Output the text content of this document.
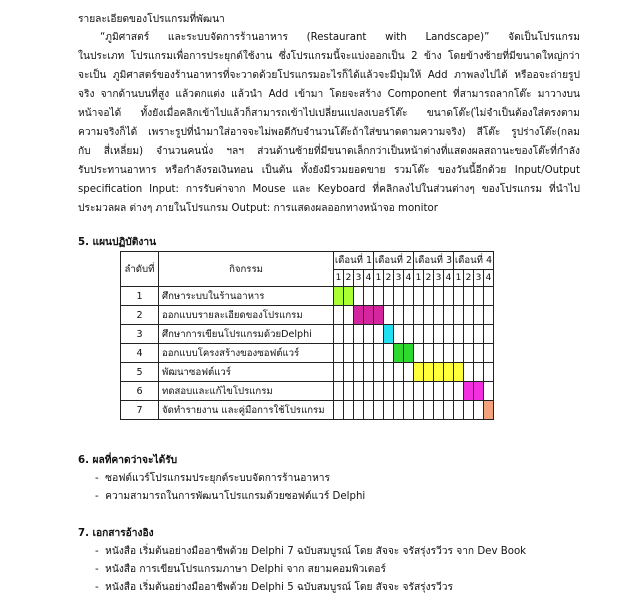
รายละเอียดของโปรแกรมที่พัฒนา
“ภูมิศาสตร์ และระบบจัดการร้านอาหาร (Restaurant with Landscape)” จัดเป็นโปรแกรม
ในประเภท โปรแกรมเพื่อการประยุกต์ใช้งาน ซึ่งโปรแกรมนี้จะแบ่งออกเป็น 2 ข้าง โดยข้างซ้ายที่มีขนาดใหญ่กว่า
จะเป็น ภูมิศาสตร์ของร้านอาหารที่จะวาดด้วยโปรแกรมอะไรก็ได้แล้วจะมีปุ่มให้ Add ภาพลงไปได้ หรืออจะถ่ายรูป
จริง จากด้านบนที่สูง แล้วตกแต่ง แล้วนำ Add เข้ามา โดยจะสร้าง Component ที่สามารถลากโต๊ะ มาวางบน
หน้าจอได้ ทั้งยังเมื่อคลิกเข้าไปแล้วก็สามารถเข้าไปเปลี่ยนแปลงเบอร์โต๊ะ ขนาดโต๊ะ(ไม่จำเป็นต้องใส่ตรงตาม
ความจริงก็ได้ เพราะรูปที่นำมาใส่อาจจะไม่พอดีกับจำนวนโต๊ะถ้าใส่ขนาดตามความจริง) สีโต๊ะ รูปร่างโต๊ะ(กลม
กับ สี่เหลี่ยม) จำนวนคนนั่ง ฯลฯ ส่วนด้านซ้ายที่มีขนาดเล็กกว่าเป็นหน้าต่างที่แสดงผลสถานะของโต๊ะที่กำลัง
รับประทานอาหาร หรือกำลังรอเงินทอน เป็นต้น ทั้งยังมีรวมยอดขาย รวมโต๊ะ ของวันนี้อีกด้วย Input/Output
specification Input: การรับค่าจาก Mouse และ Keyboard ที่คลิกลงไปในส่วนต่างๆ ของโปรแกรม ที่นำไป
ประมวลผล ต่างๆ ภายในโปรแกรม Output: การแสดงผลออกทางหน้าจอ monitor
5. แผนปฏิบัติงาน
ลำดับที่	กิจกรรม	เดือนที่ 1				เดือนที่ 2				เดือนที่ 3				เดือนที่ 4			
		1	2	3	4	1	2	3	4	1	2	3	4	1	2	3	4
1	ศึกษาระบบในร้านอาหาร																
2	ออกแบบรายละเอียดของโปรแกรม																
3	ศึกษาการเขียนโปรแกรมด้วยDelphi																
4	ออกแบบโครงสร้างของซอฟต์แวร์																
5	พัฒนาซอฟต์แวร์																
6	ทดสอบและแก้ไขโปรแกรม																
7	จัดทำรายงาน และคู่มือการใช้โปรแกรม																
6. ผลที่คาดว่าจะได้รับ
-  ซอฟต์แวร์โปรแกรมประยุกต์ระบบจัดการร้านอาหาร
-  ความสามารถในการพัฒนาโปรแกรมด้วยซอฟต์แวร์ Delphi
7. เอกสารอ้างอิง
-  หนังสือ เริ่มต้นอย่างมืออาชีพด้วย Delphi 7 ฉบับสมบูรณ์ โดย สัจจะ จรัสรุ่งรวีวร จาก Dev Book
-  หนังสือ การเขียนโปรแกรมภาษา Delphi จาก สยามคอมพิวเตอร์
-  หนังสือ เริ่มต้นอย่างมืออาชีพด้วย Delphi 5 ฉบับสมบูรณ์ โดย สัจจะ จรัสรุ่งรวีวร
